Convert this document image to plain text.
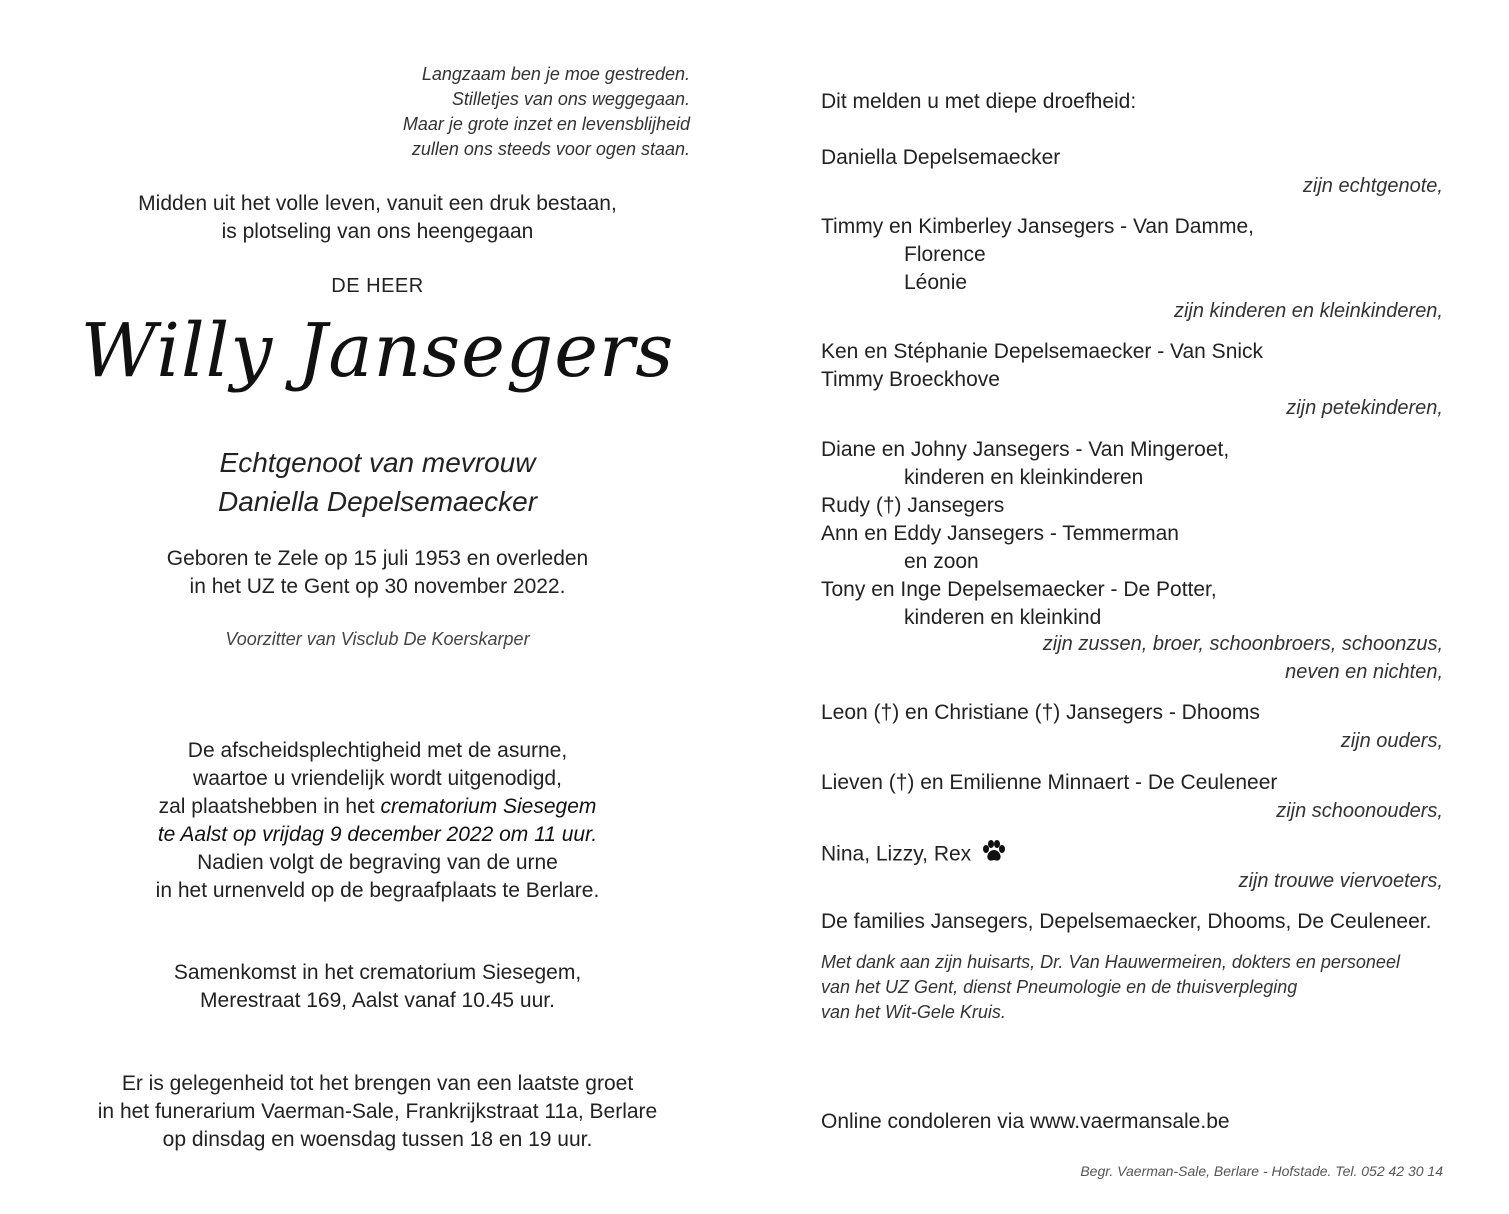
Langzaam ben je moe gestreden.
Stilletjes van ons weggegaan.
Maar je grote inzet en levensblijheid
zullen ons steeds voor ogen staan.
Midden uit het volle leven, vanuit een druk bestaan,
is plotseling van ons heengegaan
DE HEER
Willy Jansegers
Echtgenoot van mevrouw
Daniella Depelsemaecker
Geboren te Zele op 15 juli 1953 en overleden
in het UZ te Gent op 30 november 2022.
Voorzitter van Visclub De Koerskarper
De afscheidsplechtigheid met de asurne,
waartoe u vriendelijk wordt uitgenodigd,
zal plaatshebben in het crematorium Siesegem
te Aalst op vrijdag 9 december 2022 om 11 uur.
Nadien volgt de begraving van de urne
in het urnenveld op de begraafplaats te Berlare.
Samenkomst in het crematorium Siesegem,
Merestraat 169, Aalst vanaf 10.45 uur.
Er is gelegenheid tot het brengen van een laatste groet
in het funerarium Vaerman-Sale, Frankrijkstraat 11a, Berlare
op dinsdag en woensdag tussen 18 en 19 uur.
Dit melden u met diepe droefheid:
Daniella Depelsemaecker
zijn echtgenote,
Timmy en Kimberley Jansegers - Van Damme,
Florence
Léonie
zijn kinderen en kleinkinderen,
Ken en Stéphanie Depelsemaecker - Van Snick
Timmy Broeckhove
zijn petekinderen,
Diane en Johny Jansegers - Van Mingeroet,
kinderen en kleinkinderen
Rudy (†) Jansegers
Ann en Eddy Jansegers - Temmerman
en zoon
Tony en Inge Depelsemaecker - De Potter,
kinderen en kleinkind
zijn zussen, broer, schoonbroers, schoonzus,
neven en nichten,
Leon (†) en Christiane (†) Jansegers - Dhooms
zijn ouders,
Lieven (†) en Emilienne Minnaert - De Ceuleneer
zijn schoonouders,
Nina, Lizzy, Rex
zijn trouwe viervoeters,
De families Jansegers, Depelsemaecker, Dhooms, De Ceuleneer.
Met dank aan zijn huisarts, Dr. Van Hauwermeiren, dokters en personeel
van het UZ Gent, dienst Pneumologie en de thuisverpleging
van het Wit-Gele Kruis.
Online condoleren via www.vaermansale.be
Begr. Vaerman-Sale, Berlare - Hofstade. Tel. 052 42 30 14
